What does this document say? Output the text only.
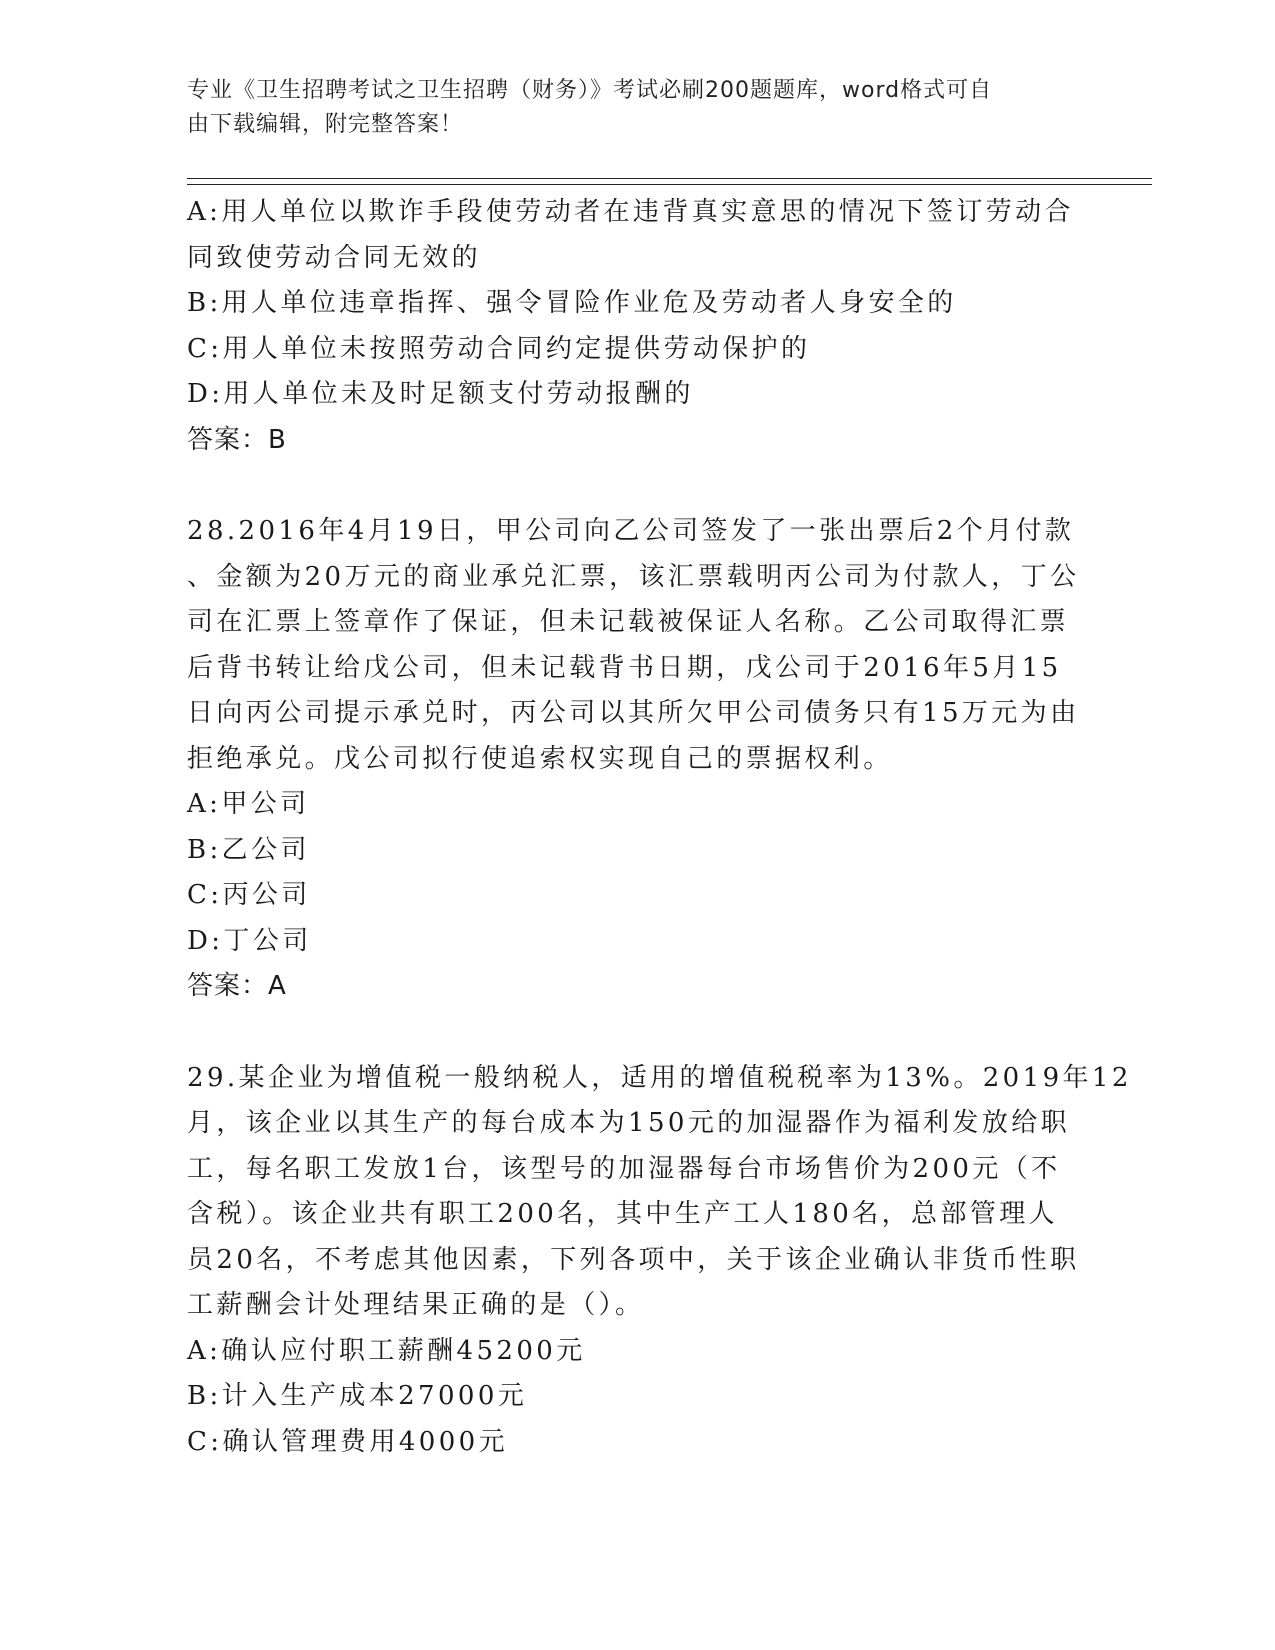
专业《卫生招聘考试之卫生招聘（财务）》考试必刷200题题库，word格式可自
由下载编辑，附完整答案！
A:用人单位以欺诈手段使劳动者在违背真实意思的情况下签订劳动合
同致使劳动合同无效的
B:用人单位违章指挥、强令冒险作业危及劳动者人身安全的
C:用人单位未按照劳动合同约定提供劳动保护的
D:用人单位未及时足额支付劳动报酬的
答案：B
28.2016年4月19日，甲公司向乙公司签发了一张出票后2个月付款
、金额为20万元的商业承兑汇票，该汇票载明丙公司为付款人，丁公
司在汇票上签章作了保证，但未记载被保证人名称。乙公司取得汇票
后背书转让给戊公司，但未记载背书日期，戊公司于2016年5月15
日向丙公司提示承兑时，丙公司以其所欠甲公司债务只有15万元为由
拒绝承兑。戊公司拟行使追索权实现自己的票据权利。
A:甲公司
B:乙公司
C:丙公司
D:丁公司
答案：A
29.某企业为增值税一般纳税人，适用的增值税税率为13%。2019年12
月，该企业以其生产的每台成本为150元的加湿器作为福利发放给职
工，每名职工发放1台，该型号的加湿器每台市场售价为200元（不
含税）。该企业共有职工200名，其中生产工人180名，总部管理人
员20名，不考虑其他因素，下列各项中，关于该企业确认非货币性职
工薪酬会计处理结果正确的是（）。
A:确认应付职工薪酬45200元
B:计入生产成本27000元
C:确认管理费用4000元
